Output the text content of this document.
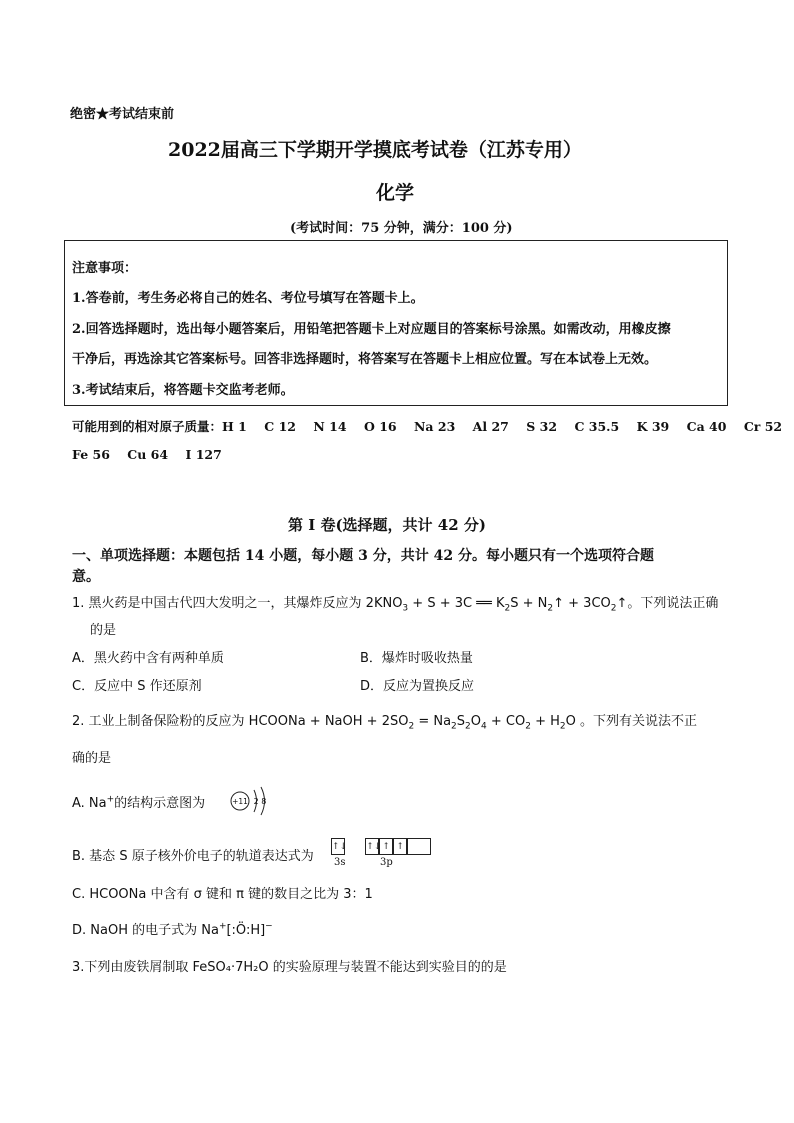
绝密★考试结束前
2022届高三下学期开学摸底考试卷（江苏专用）
化学
(考试时间：75 分钟，满分：100 分)
注意事项：
1.答卷前，考生务必将自己的姓名、考位号填写在答题卡上。
2.回答选择题时，选出每小题答案后，用铅笔把答题卡上对应题目的答案标号涂黑。如需改动，用橡皮擦
干净后，再选涂其它答案标号。回答非选择题时，将答案写在答题卡上相应位置。写在本试卷上无效。
3.考试结束后，将答题卡交监考老师。
可能用到的相对原子质量：H 1    C 12    N 14    O 16    Na 23    Al 27    S 32    C 35.5    K 39    Ca 40    Cr 52
Fe 56    Cu 64    I 127
第 I 卷(选择题，共计 42 分)
一、单项选择题：本题包括 14 小题，每小题 3 分，共计 42 分。每小题只有一个选项符合题
意。
1. 黑火药是中国古代四大发明之一，其爆炸反应为 $2KNO_3 + S + 3C$ ══ $K_2S$ + $N_2↑$ + $3CO_2↑$。下列说法正确
的是
A．黑火药中含有两种单质	B．爆炸时吸收热量
C．反应中 S 作还原剂	D．反应为置换反应
2. 工业上制备保险粉的反应为 HCOONa + NaOH + $2SO_2 = Na_2S_2O_4 + CO_2 + H_2O$ 。下列有关说法不正
确的是
A. Na+的结构示意图为	+11 2 8
B. 基态 S 原子核外价电子的轨道表达式为
↑↓ ↑↓↑ ↑
3s	3p
C. HCOONa 中含有 σ 键和 π 键的数目之比为 3：1
D. NaOH 的电子式为 Na+[:Ö:H]−
3.下列由废铁屑制取 FeSO₄·7H₂O 的实验原理与装置不能达到实验目的的是
